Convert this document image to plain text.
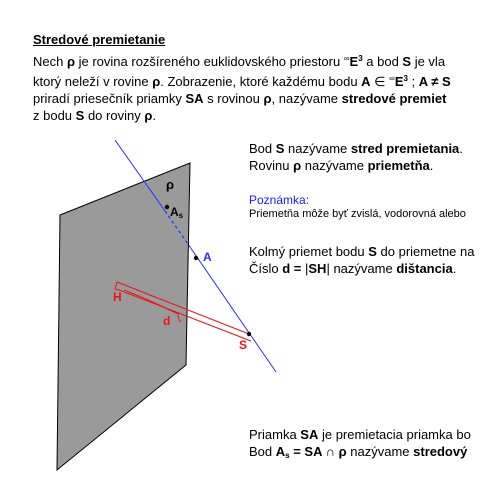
Stredové premietanie
Nech ρ je rovina rozšíreného euklidovského priestoru $^\infty E^3$ a bod S je vla
ktorý neleží v rovine ρ. Zobrazenie, ktoré každému bodu A ∈ $^\infty E^3$ ; A ≠ S
priradí priesečník priamky SA s rovinou ρ, nazývame stredové premiet
z bodu S do roviny ρ.
Bod S nazývame stred premietania.
Rovinu ρ nazývame priemetňa.
Poznámka:
Priemetňa môže byť zvislá, vodorovná alebo
Kolmý priemet bodu S do priemetne na
Číslo d = |SH| nazývame dištancia.
Priamka SA je premietacia priamka bo
Bod $A_s$ = SA ∩ ρ nazývame stredový
ρ
As
A
H
d
S
